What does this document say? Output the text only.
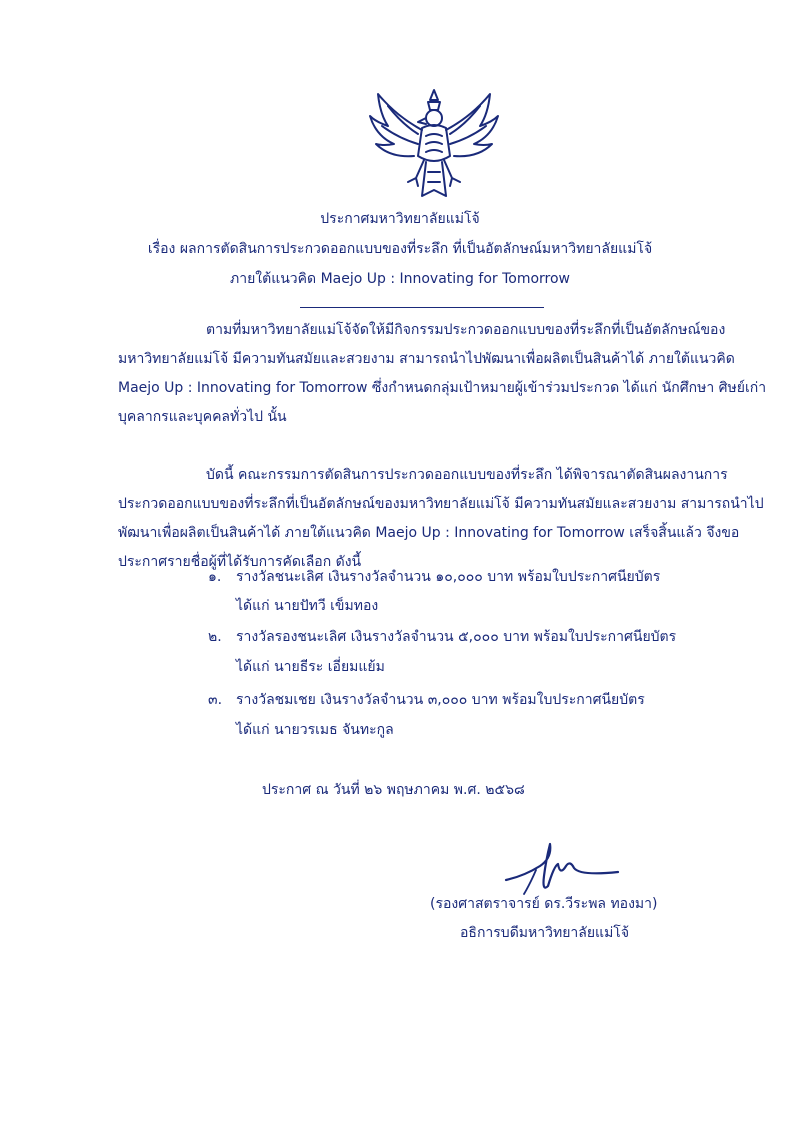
ประกาศมหาวิทยาลัยแม่โจ้
เรื่อง ผลการตัดสินการประกวดออกแบบของที่ระลึก ที่เป็นอัตลักษณ์มหาวิทยาลัยแม่โจ้
ภายใต้แนวคิด Maejo Up : Innovating for Tomorrow
ตามที่มหาวิทยาลัยแม่โจ้จัดให้มีกิจกรรมประกวดออกแบบของที่ระลึกที่เป็นอัตลักษณ์ของ
มหาวิทยาลัยแม่โจ้ มีความทันสมัยและสวยงาม สามารถนำไปพัฒนาเพื่อผลิตเป็นสินค้าได้ ภายใต้แนวคิด
Maejo Up : Innovating for Tomorrow ซึ่งกำหนดกลุ่มเป้าหมายผู้เข้าร่วมประกวด ได้แก่ นักศึกษา ศิษย์เก่า
บุคลากรและบุคคลทั่วไป นั้น
บัดนี้ คณะกรรมการตัดสินการประกวดออกแบบของที่ระลึก ได้พิจารณาตัดสินผลงานการ
ประกวดออกแบบของที่ระลึกที่เป็นอัตลักษณ์ของมหาวิทยาลัยแม่โจ้ มีความทันสมัยและสวยงาม สามารถนำไป
พัฒนาเพื่อผลิตเป็นสินค้าได้ ภายใต้แนวคิด Maejo Up : Innovating for Tomorrow เสร็จสิ้นแล้ว จึงขอ
ประกาศรายชื่อผู้ที่ได้รับการคัดเลือก ดังนี้
๑. รางวัลชนะเลิศ เงินรางวัลจำนวน ๑๐,๐๐๐ บาท พร้อมใบประกาศนียบัตร
ได้แก่ นายปัทวี เข็มทอง
๒. รางวัลรองชนะเลิศ เงินรางวัลจำนวน ๕,๐๐๐ บาท พร้อมใบประกาศนียบัตร
ได้แก่ นายธีระ เอี่ยมแย้ม
๓. รางวัลชมเชย เงินรางวัลจำนวน ๓,๐๐๐ บาท พร้อมใบประกาศนียบัตร
ได้แก่ นายวรเมธ จันทะกูล
ประกาศ ณ วันที่ ๒๖ พฤษภาคม พ.ศ. ๒๕๖๘
(รองศาสตราจารย์ ดร.วีระพล ทองมา)
อธิการบดีมหาวิทยาลัยแม่โจ้
